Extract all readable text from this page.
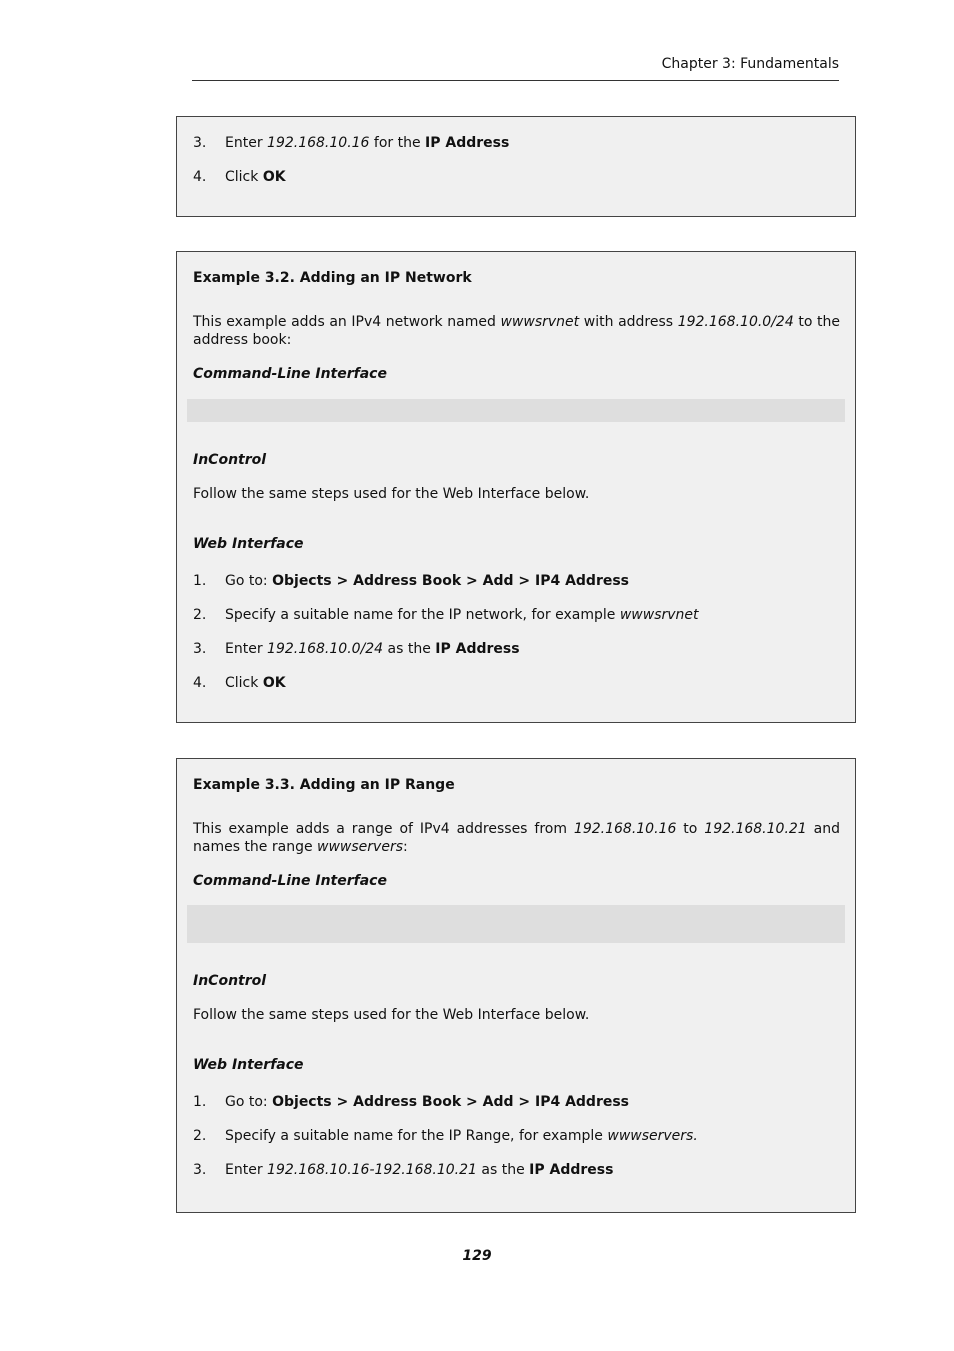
Chapter 3: Fundamentals
3. Enter 192.168.10.16 for the IP Address
4. Click OK
Example 3.2. Adding an IP Network

This example adds an IPv4 network named wwwsrvnet with address 192.168.10.0/24 to the address book:

Command-Line Interface
InControl
Follow the same steps used for the Web Interface below.
Web Interface
1. Go to: Objects > Address Book > Add > IP4 Address
2. Specify a suitable name for the IP network, for example wwwsrvnet
3. Enter 192.168.10.0/24 as the IP Address
4. Click OK
Example 3.3. Adding an IP Range

This example adds a range of IPv4 addresses from 192.168.10.16 to 192.168.10.21 and names the range wwwservers:

Command-Line Interface
InControl
Follow the same steps used for the Web Interface below.
Web Interface
1. Go to: Objects > Address Book > Add > IP4 Address
2. Specify a suitable name for the IP Range, for example wwwservers.
3. Enter 192.168.10.16-192.168.10.21 as the IP Address
129
